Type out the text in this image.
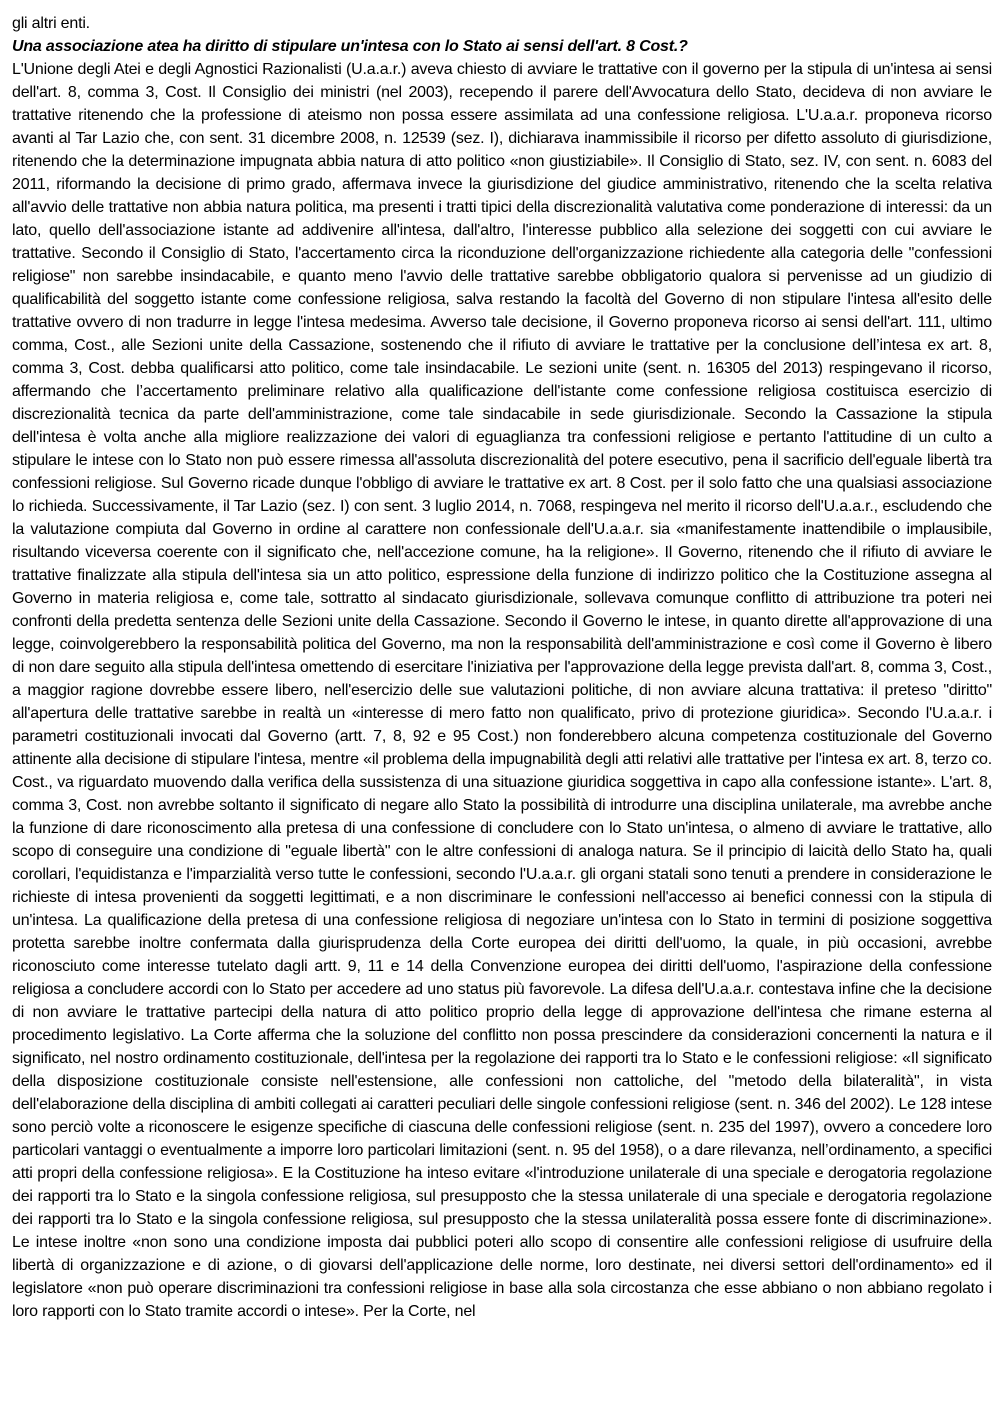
gli altri enti.

Una associazione atea ha diritto di stipulare un'intesa con lo Stato ai sensi dell'art. 8 Cost.?

L'Unione degli Atei e degli Agnostici Razionalisti (U.a.a.r.) aveva chiesto di avviare le trattative con il governo per la stipula di un'intesa ai sensi dell'art. 8, comma 3, Cost. Il Consiglio dei ministri (nel 2003), recependo il parere dell'Avvocatura dello Stato, decideva di non avviare le trattative ritenendo che la professione di ateismo non possa essere assimilata ad una confessione religiosa. L'U.a.a.r. proponeva ricorso avanti al Tar Lazio che, con sent. 31 dicembre 2008, n. 12539 (sez. I), dichiarava inammissibile il ricorso per difetto assoluto di giurisdizione, ritenendo che la determinazione impugnata abbia natura di atto politico «non giustiziabile». Il Consiglio di Stato, sez. IV, con sent. n. 6083 del 2011, riformando la decisione di primo grado, affermava invece la giurisdizione del giudice amministrativo, ritenendo che la scelta relativa all'avvio delle trattative non abbia natura politica, ma presenti i tratti tipici della discrezionalità valutativa come ponderazione di interessi: da un lato, quello dell'associazione istante ad addivenire all'intesa, dall'altro, l'interesse pubblico alla selezione dei soggetti con cui avviare le trattative. Secondo il Consiglio di Stato, l'accertamento circa la riconduzione dell'organizzazione richiedente alla categoria delle "confessioni religiose" non sarebbe insindacabile, e quanto meno l'avvio delle trattative sarebbe obbligatorio qualora si pervenisse ad un giudizio di qualificabilità del soggetto istante come confessione religiosa, salva restando la facoltà del Governo di non stipulare l'intesa all'esito delle trattative ovvero di non tradurre in legge l'intesa medesima. Avverso tale decisione, il Governo proponeva ricorso ai sensi dell'art. 111, ultimo comma, Cost., alle Sezioni unite della Cassazione, sostenendo che il rifiuto di avviare le trattative per la conclusione dell’intesa ex art. 8, comma 3, Cost. debba qualificarsi atto politico, come tale insindacabile. Le sezioni unite (sent. n. 16305 del 2013) respingevano il ricorso, affermando che l’accertamento preliminare relativo alla qualificazione dell'istante come confessione religiosa costituisca esercizio di discrezionalità tecnica da parte dell'amministrazione, come tale sindacabile in sede giurisdizionale. Secondo la Cassazione la stipula dell'intesa è volta anche alla migliore realizzazione dei valori di eguaglianza tra confessioni religiose e pertanto l'attitudine di un culto a stipulare le intese con lo Stato non può essere rimessa all'assoluta discrezionalità del potere esecutivo, pena il sacrificio dell'eguale libertà tra confessioni religiose. Sul Governo ricade dunque l'obbligo di avviare le trattative ex art. 8 Cost. per il solo fatto che una qualsiasi associazione lo richieda. Successivamente, il Tar Lazio (sez. I) con sent. 3 luglio 2014, n. 7068, respingeva nel merito il ricorso dell'U.a.a.r., escludendo che la valutazione compiuta dal Governo in ordine al carattere non confessionale dell'U.a.a.r. sia «manifestamente inattendibile o implausibile, risultando viceversa coerente con il significato che, nell'accezione comune, ha la religione». Il Governo, ritenendo che il rifiuto di avviare le trattative finalizzate alla stipula dell'intesa sia un atto politico, espressione della funzione di indirizzo politico che la Costituzione assegna al Governo in materia religiosa e, come tale, sottratto al sindacato giurisdizionale, sollevava comunque conflitto di attribuzione tra poteri nei confronti della predetta sentenza delle Sezioni unite della Cassazione. Secondo il Governo le intese, in quanto dirette all'approvazione di una legge, coinvolgerebbero la responsabilità politica del Governo, ma non la responsabilità dell'amministrazione e così come il Governo è libero di non dare seguito alla stipula dell'intesa omettendo di esercitare l'iniziativa per l'approvazione della legge prevista dall'art. 8, comma 3, Cost., a maggior ragione dovrebbe essere libero, nell'esercizio delle sue valutazioni politiche, di non avviare alcuna trattativa: il preteso "diritto" all'apertura delle trattative sarebbe in realtà un «interesse di mero fatto non qualificato, privo di protezione giuridica». Secondo l'U.a.a.r. i parametri costituzionali invocati dal Governo (artt. 7, 8, 92 e 95 Cost.) non fonderebbero alcuna competenza costituzionale del Governo attinente alla decisione di stipulare l'intesa, mentre «il problema della impugnabilità degli atti relativi alle trattative per l'intesa ex art. 8, terzo co. Cost., va riguardato muovendo dalla verifica della sussistenza di una situazione giuridica soggettiva in capo alla confessione istante». L'art. 8, comma 3, Cost. non avrebbe soltanto il significato di negare allo Stato la possibilità di introdurre una disciplina unilaterale, ma avrebbe anche la funzione di dare riconoscimento alla pretesa di una confessione di concludere con lo Stato un'intesa, o almeno di avviare le trattative, allo scopo di conseguire una condizione di "eguale libertà" con le altre confessioni di analoga natura. Se il principio di laicità dello Stato ha, quali corollari, l'equidistanza e l'imparzialità verso tutte le confessioni, secondo l'U.a.a.r. gli organi statali sono tenuti a prendere in considerazione le richieste di intesa provenienti da soggetti legittimati, e a non discriminare le confessioni nell'accesso ai benefici connessi con la stipula di un'intesa. La qualificazione della pretesa di una confessione religiosa di negoziare un'intesa con lo Stato in termini di posizione soggettiva protetta sarebbe inoltre confermata dalla giurisprudenza della Corte europea dei diritti dell'uomo, la quale, in più occasioni, avrebbe riconosciuto come interesse tutelato dagli artt. 9, 11 e 14 della Convenzione europea dei diritti dell'uomo, l'aspirazione della confessione religiosa a concludere accordi con lo Stato per accedere ad uno status più favorevole. La difesa dell'U.a.a.r. contestava infine che la decisione di non avviare le trattative partecipi della natura di atto politico proprio della legge di approvazione dell'intesa che rimane esterna al procedimento legislativo. La Corte afferma che la soluzione del conflitto non possa prescindere da considerazioni concernenti la natura e il significato, nel nostro ordinamento costituzionale, dell'intesa per la regolazione dei rapporti tra lo Stato e le confessioni religiose: «Il significato della disposizione costituzionale consiste nell'estensione, alle confessioni non cattoliche, del "metodo della bilateralità", in vista dell'elaborazione della disciplina di ambiti collegati ai caratteri peculiari delle singole confessioni religiose (sent. n. 346 del 2002). Le 128 intese sono perciò volte a riconoscere le esigenze specifiche di ciascuna delle confessioni religiose (sent. n. 235 del 1997), ovvero a concedere loro particolari vantaggi o eventualmente a imporre loro particolari limitazioni (sent. n. 95 del 1958), o a dare rilevanza, nell’ordinamento, a specifici atti propri della confessione religiosa». E la Costituzione ha inteso evitare «l'introduzione unilaterale di una speciale e derogatoria regolazione dei rapporti tra lo Stato e la singola confessione religiosa, sul presupposto che la stessa unilaterale di una speciale e derogatoria regolazione dei rapporti tra lo Stato e la singola confessione religiosa, sul presupposto che la stessa unilateralità possa essere fonte di discriminazione». Le intese inoltre «non sono una condizione imposta dai pubblici poteri allo scopo di consentire alle confessioni religiose di usufruire della libertà di organizzazione e di azione, o di giovarsi dell'applicazione delle norme, loro destinate, nei diversi settori dell'ordinamento» ed il legislatore «non può operare discriminazioni tra confessioni religiose in base alla sola circostanza che esse abbiano o non abbiano regolato i loro rapporti con lo Stato tramite accordi o intese». Per la Corte, nel
